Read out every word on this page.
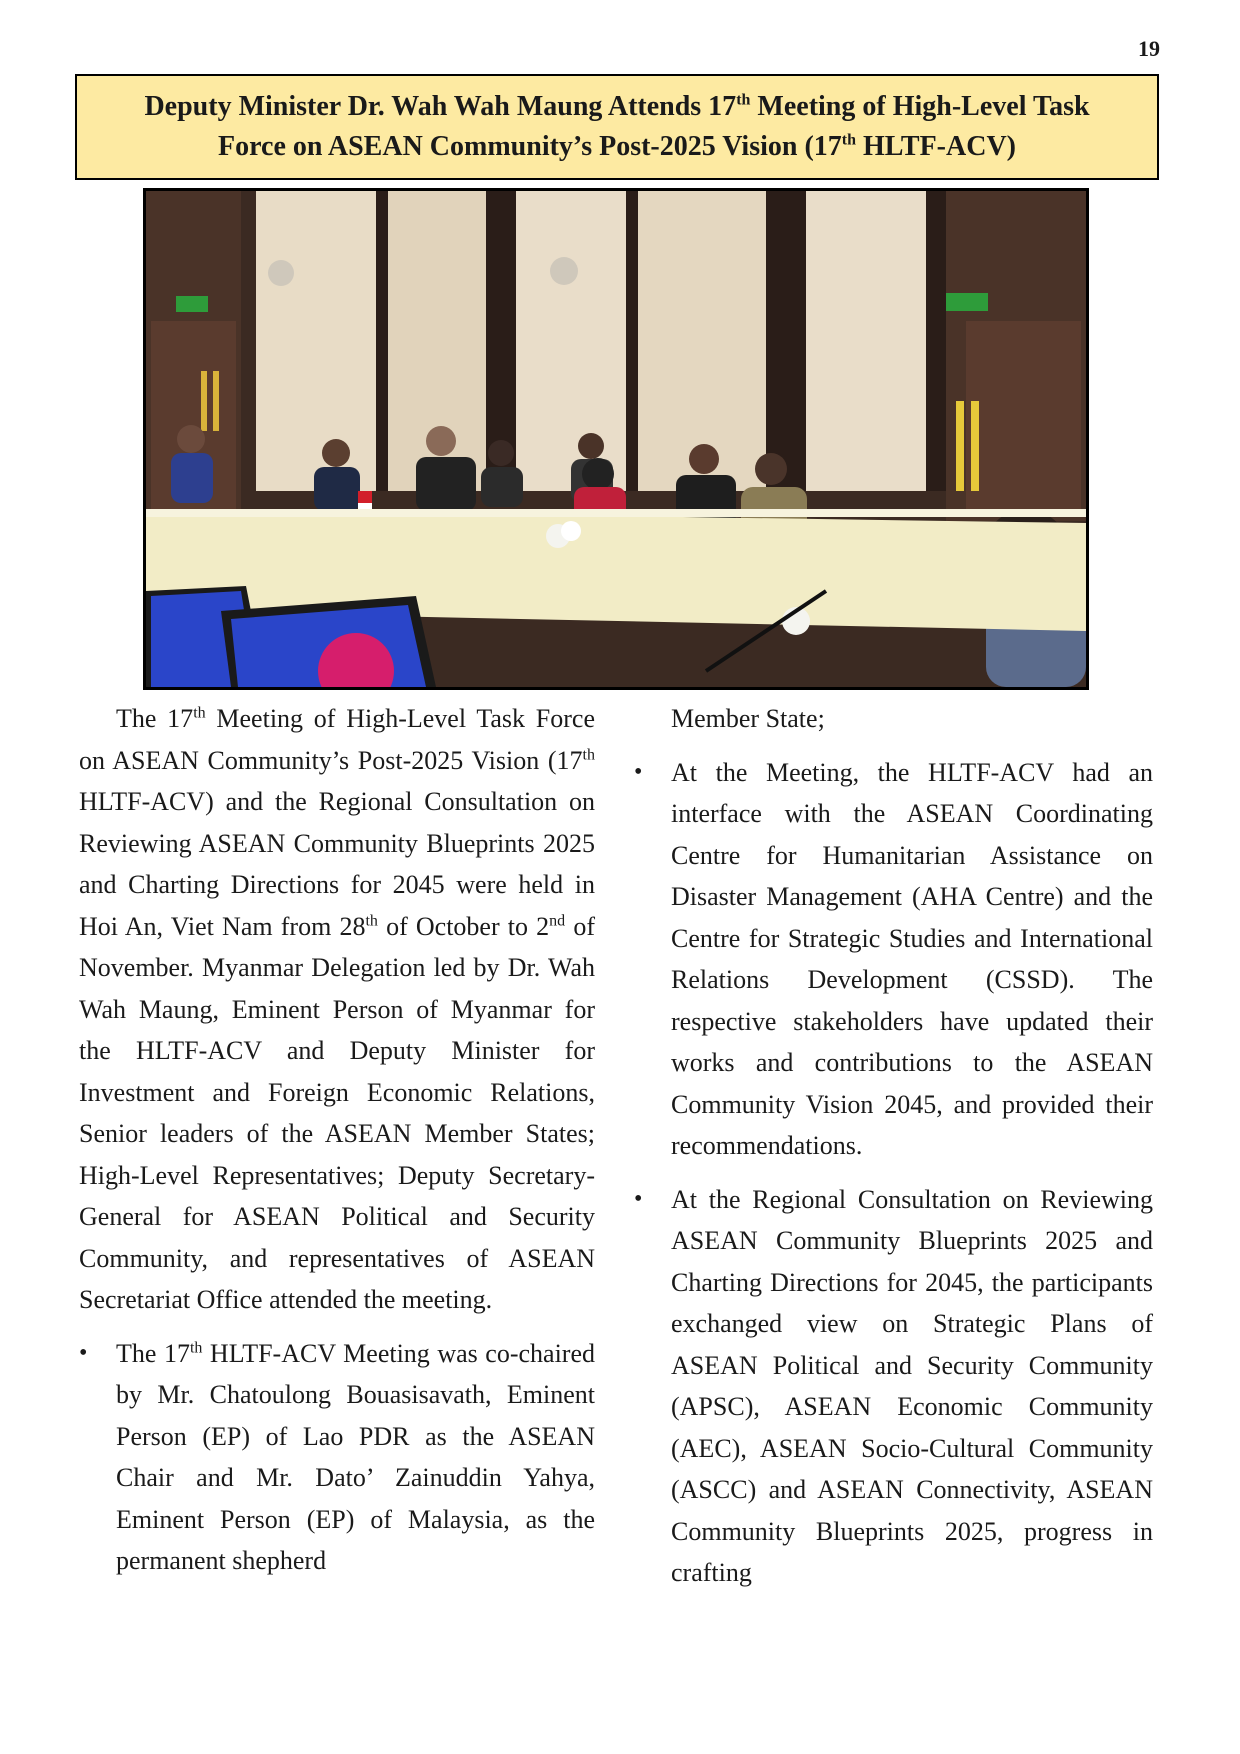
19
Deputy Minister Dr. Wah Wah Maung Attends 17th Meeting of High-Level Task
Force on ASEAN Community’s Post-2025 Vision (17th HLTF-ACV)

The 17th Meeting of High-Level Task Force on ASEAN Community’s Post-2025 Vision (17th HLTF-ACV) and the Regional Consultation on Reviewing ASEAN Community Blueprints 2025 and Charting Directions for 2045 were held in Hoi An, Viet Nam from 28th of October to 2nd of November. Myanmar Delegation led by Dr. Wah Wah Maung, Eminent Person of Myanmar for the HLTF-ACV and Deputy Minister for Investment and Foreign Economic Relations, Senior leaders of the ASEAN Member States; High-Level Representatives; Deputy Secretary-General for ASEAN Political and Security Community, and representatives of ASEAN Secretariat Office attended the meeting.

• The 17th HLTF-ACV Meeting was co-chaired by Mr. Chatoulong Bouasisavath, Eminent Person (EP) of Lao PDR as the ASEAN Chair and Mr. Dato’ Zainuddin Yahya, Eminent Person (EP) of Malaysia, as the permanent shepherd

Member State;

• At the Meeting, the HLTF-ACV had an interface with the ASEAN Coordinating Centre for Humanitarian Assistance on Disaster Management (AHA Centre) and the Centre for Strategic Studies and International Relations Development (CSSD). The respective stakeholders have updated their works and contributions to the ASEAN Community Vision 2045, and provided their recommendations.
• At the Regional Consultation on Reviewing ASEAN Community Blueprints 2025 and Charting Directions for 2045, the participants exchanged view on Strategic Plans of ASEAN Political and Security Community (APSC), ASEAN Economic Community (AEC), ASEAN Socio-Cultural Community (ASCC) and ASEAN Connectivity, ASEAN Community Blueprints 2025, progress in crafting
